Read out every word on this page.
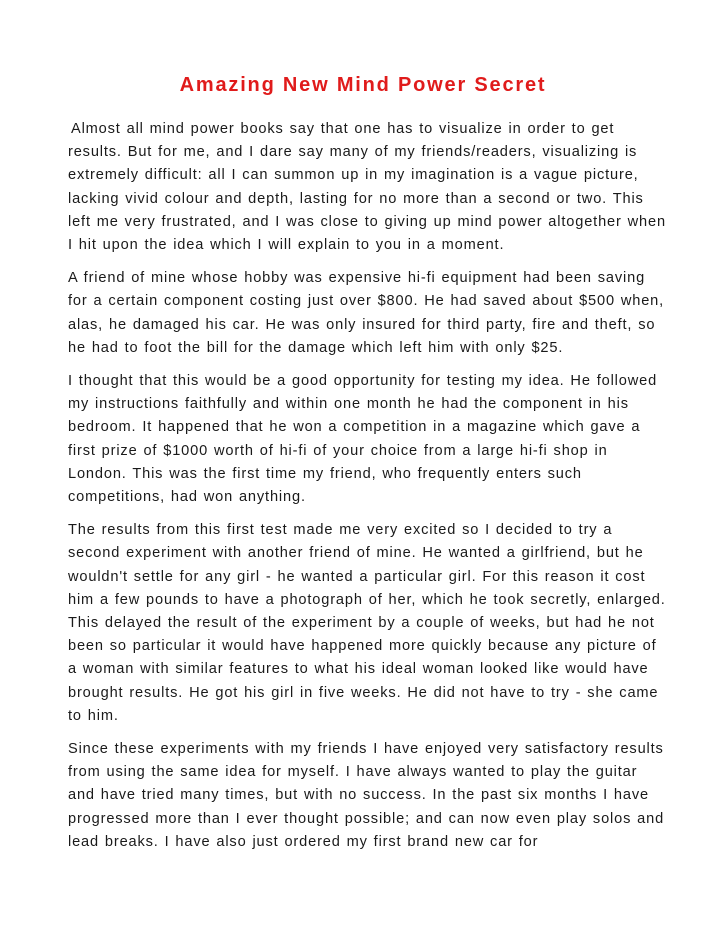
Amazing New Mind Power Secret

Almost all mind power books say that one has to visualize in order to get results. But for me, and I dare say many of my friends/readers, visualizing is extremely difficult: all I can summon up in my imagination is a vague picture, lacking vivid colour and depth, lasting for no more than a second or two. This left me very frustrated, and I was close to giving up mind power altogether when I hit upon the idea which I will explain to you in a moment.

A friend of mine whose hobby was expensive hi-fi equipment had been saving for a certain component costing just over $800. He had saved about $500 when, alas, he damaged his car. He was only insured for third party, fire and theft, so he had to foot the bill for the damage which left him with only $25.

I thought that this would be a good opportunity for testing my idea. He followed my instructions faithfully and within one month he had the component in his bedroom. It happened that he won a competition in a magazine which gave a first prize of $1000 worth of hi-fi of your choice from a large hi-fi shop in London. This was the first time my friend, who frequently enters such competitions, had won anything.

The results from this first test made me very excited so I decided to try a second experiment with another friend of mine. He wanted a girlfriend, but he wouldn't settle for any girl - he wanted a particular girl. For this reason it cost him a few pounds to have a photograph of her, which he took secretly, enlarged. This delayed the result of the experiment by a couple of weeks, but had he not been so particular it would have happened more quickly because any picture of a woman with similar features to what his ideal woman looked like would have brought results. He got his girl in five weeks. He did not have to try - she came to him.

Since these experiments with my friends I have enjoyed very satisfactory results from using the same idea for myself. I have always wanted to play the guitar and have tried many times, but with no success. In the past six months I have progressed more than I ever thought possible; and can now even play solos and lead breaks. I have also just ordered my first brand new car for
